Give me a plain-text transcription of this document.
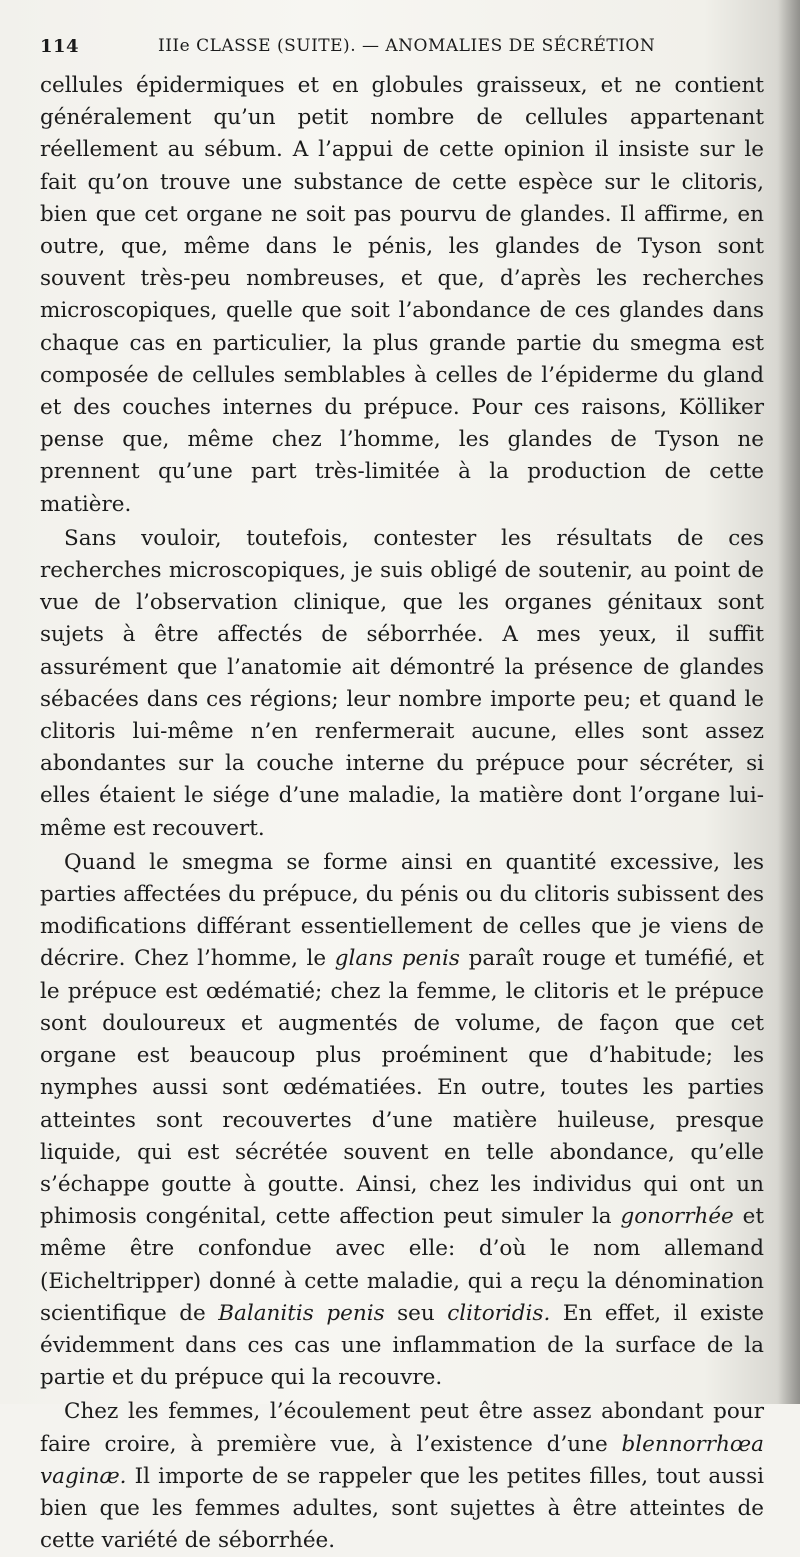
114	IIIe CLASSE (SUITE). — ANOMALIES DE SÉCRÉTION

cellules épidermiques et en globules graisseux, et ne contient généralement qu’un petit nombre de cellules appartenant réellement au sébum. A l’appui de cette opinion il insiste sur le fait qu’on trouve une substance de cette espèce sur le clitoris, bien que cet organe ne soit pas pourvu de glandes. Il affirme, en outre, que, même dans le pénis, les glandes de Tyson sont souvent très-peu nombreuses, et que, d’après les recherches microscopiques, quelle que soit l’abondance de ces glandes dans chaque cas en particulier, la plus grande partie du smegma est composée de cellules semblables à celles de l’épiderme du gland et des couches internes du prépuce. Pour ces raisons, Kölliker pense que, même chez l’homme, les glandes de Tyson ne prennent qu’une part très-limitée à la production de cette matière.

Sans vouloir, toutefois, contester les résultats de ces recherches microscopiques, je suis obligé de soutenir, au point de vue de l’observation clinique, que les organes génitaux sont sujets à être affectés de séborrhée. A mes yeux, il suffit assurément que l’anatomie ait démontré la présence de glandes sébacées dans ces régions; leur nombre importe peu; et quand le clitoris lui-même n’en renfermerait aucune, elles sont assez abondantes sur la couche interne du prépuce pour sécréter, si elles étaient le siége d’une maladie, la matière dont l’organe lui-même est recouvert.

Quand le smegma se forme ainsi en quantité excessive, les parties affectées du prépuce, du pénis ou du clitoris subissent des modifications différant essentiellement de celles que je viens de décrire. Chez l’homme, le glans penis paraît rouge et tuméfié, et le prépuce est œdématié; chez la femme, le clitoris et le prépuce sont douloureux et augmentés de volume, de façon que cet organe est beaucoup plus proéminent que d’habitude; les nymphes aussi sont œdématiées. En outre, toutes les parties atteintes sont recouvertes d’une matière huileuse, presque liquide, qui est sécrétée souvent en telle abondance, qu’elle s’échappe goutte à goutte. Ainsi, chez les individus qui ont un phimosis congénital, cette affection peut simuler la gonorrhée et même être confondue avec elle: d’où le nom allemand (Eicheltripper) donné à cette maladie, qui a reçu la dénomination scientifique de Balanitis penis seu clitoridis. En effet, il existe évidemment dans ces cas une inflammation de la surface de la partie et du prépuce qui la recouvre.

Chez les femmes, l’écoulement peut être assez abondant pour faire croire, à première vue, à l’existence d’une blennorrhœa vaginæ. Il importe de se rappeler que les petites filles, tout aussi bien que les femmes adultes, sont sujettes à être atteintes de cette variété de séborrhée.
